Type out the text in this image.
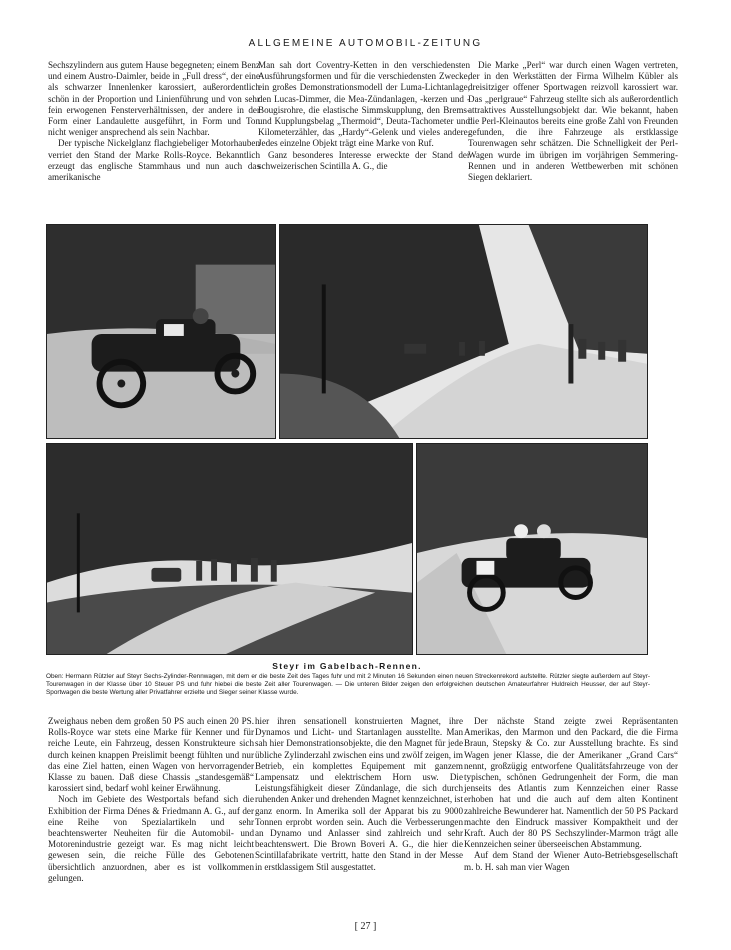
ALLGEMEINE AUTOMOBIL-ZEITUNG

Sechszylindern aus gutem Hause begegneten; einem Benz und einem Austro-Daimler, beide in „Full dress“, der eine als schwarzer Innenlenker karossiert, außerordentlich schön in der Proportion und Linienführung und von sehr fein erwogenen Fensterverhältnissen, der andere in der Form einer Landaulette ausgeführt, in Form und Ton nicht weniger ansprechend als sein Nachbar.

Der typische Nickelglanz flachgiebeliger Motorhauben verriet den Stand der Marke Rolls-Royce. Bekanntlich erzeugt das englische Stammhaus und nun auch das amerikanische

Man sah dort Coventry-Ketten in den verschiedensten Ausführungsformen und für die verschiedensten Zwecke, ein großes Demonstrationsmodell der Luma-Lichtanlage, den Lucas-Dimmer, die Mea-Zündanlagen, -kerzen und -Bougisrohre, die elastische Simmskupplung, den Brems- und Kupplungsbelag „Thermoid“, Deuta-Tachometer und Kilometerzähler, das „Hardy“-Gelenk und vieles andere. Jedes einzelne Objekt trägt eine Marke von Ruf.

Ganz besonderes Interesse erweckte der Stand der schweizerischen Scintilla A. G., die

Die Marke „Perl“ war durch einen Wagen vertreten, der in den Werkstätten der Firma Wilhelm Kübler als dreisitziger offener Sportwagen reizvoll karossiert war. Das „perlgraue“ Fahrzeug stellte sich als außerordentlich attraktives Ausstellungsobjekt dar. Wie bekannt, haben die Perl-Kleinautos bereits eine große Zahl von Freunden gefunden, die ihre Fahrzeuge als erstklassige Tourenwagen sehr schätzen. Die Schnelligkeit der Perl-Wagen wurde im übrigen im vorjährigen Semmering-Rennen und in anderen Wettbewerben mit schönen Siegen deklariert.

Steyr im Gabelbach-Rennen.
Oben: Hermann Rützler auf Steyr Sechs-Zylinder-Rennwagen, mit dem er die beste Zeit des Tages fuhr und mit 2 Minuten 16 Sekunden einen neuen Streckenrekord aufstellte. Rützler siegte außerdem auf Steyr-Tourenwagen in der Klasse über 10 Steuer PS und fuhr hiebei die beste Zeit aller Tourenwagen. — Die unteren Bilder zeigen den erfolgreichen deutschen Amateurfahrer Huldreich Heusser, der auf Steyr-Sportwagen die beste Wertung aller Privatfahrer erzielte und Sieger seiner Klasse wurde.

Zweighaus neben dem großen 50 PS auch einen 20 PS. Rolls-Royce war stets eine Marke für Kenner und für reiche Leute, ein Fahrzeug, dessen Konstrukteure sich durch keinen knappen Preislimit beengt fühlten und nur das eine Ziel hatten, einen Wagen von hervorragender Klasse zu bauen. Daß diese Chassis „standesgemäß“ karossiert sind, bedarf wohl keiner Erwähnung.

Noch im Gebiete des Westportals befand sich die Exhibition der Firma Dénes & Friedmann A. G., auf der eine Reihe von Spezialartikeln und sehr beachtenswerter Neuheiten für die Automobil- und Motorenindustrie gezeigt war. Es mag nicht leicht gewesen sein, die reiche Fülle des Gebotenen übersichtlich anzuordnen, aber es ist vollkommen gelungen.

hier ihren sensationell konstruierten Magnet, ihre Dynamos und Licht- und Startanlagen ausstellte. Man sah hier Demonstrationsobjekte, die den Magnet für jede übliche Zylinderzahl zwischen eins und zwölf zeigen, im Betrieb, ein komplettes Equipement mit ganzem Lampensatz und elektrischem Horn usw. Die Leistungsfähigkeit dieser Zündanlage, die sich durch ruhenden Anker und drehenden Magnet kennzeichnet, ist ganz enorm. In Amerika soll der Apparat bis zu 9000 Tonnen erprobt worden sein. Auch die Verbesserungen an Dynamo und Anlasser sind zahlreich und sehr beachtenswert. Die Brown Boveri A. G., die hier die Scintillafabrikate vertritt, hatte den Stand in der Messe in erstklassigem Stil ausgestattet.

Der nächste Stand zeigte zwei Repräsentanten Amerikas, den Marmon und den Packard, die die Firma Braun, Stepsky & Co. zur Ausstellung brachte. Es sind Wagen jener Klasse, die der Amerikaner „Grand Cars“ nennt, großzügig entworfene Qualitätsfahrzeuge von der typischen, schönen Gedrungenheit der Form, die man jenseits des Atlantis zum Kennzeichen einer Rasse erhoben hat und die auch auf dem alten Kontinent zahlreiche Bewunderer hat. Namentlich der 50 PS Packard machte den Eindruck massiver Kompaktheit und der Kraft. Auch der 80 PS Sechszylinder-Marmon trägt alle Kennzeichen seiner überseeischen Abstammung.

Auf dem Stand der Wiener Auto-Betriebsgesellschaft m. b. H. sah man vier Wagen

[ 27 ]
